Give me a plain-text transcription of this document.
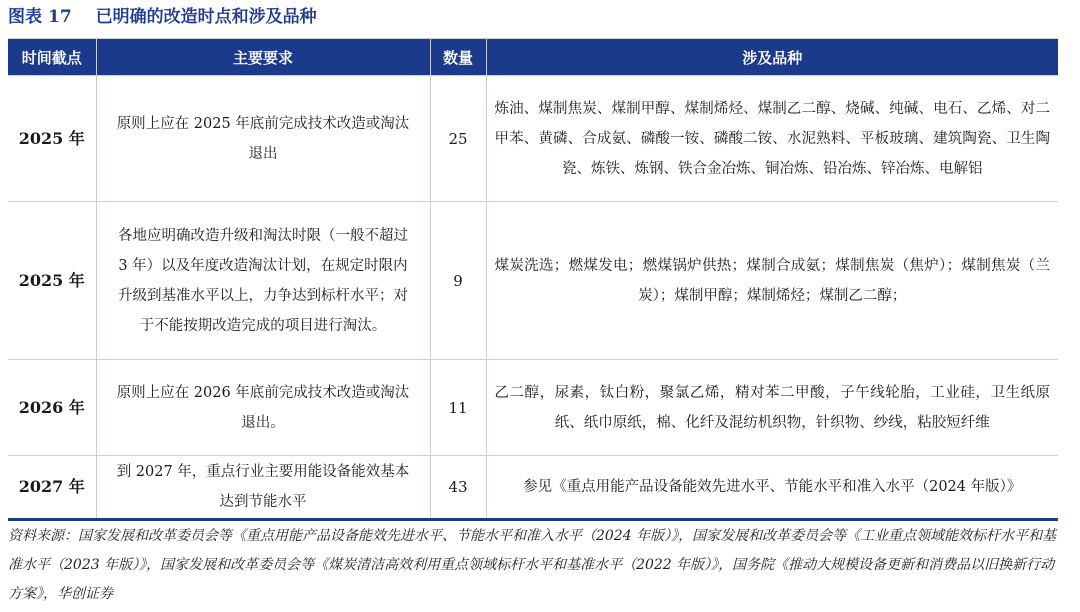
图表 17 已明确的改造时点和涉及品种
时间截点	主要要求	数量	涉及品种
2025 年	原则上应在 2025 年底前完成技术改造或淘汰退出	25	炼油、煤制焦炭、煤制甲醇、煤制烯烃、煤制乙二醇、烧碱、纯碱、电石、乙烯、对二甲苯、黄磷、合成氨、磷酸一铵、磷酸二铵、水泥熟料、平板玻璃、建筑陶瓷、卫生陶瓷、炼铁、炼钢、铁合金冶炼、铜冶炼、铅冶炼、锌冶炼、电解铝
2025 年	各地应明确改造升级和淘汰时限（一般不超过 3 年）以及年度改造淘汰计划，在规定时限内升级到基准水平以上，力争达到标杆水平；对于不能按期改造完成的项目进行淘汰。	9	煤炭洗选；燃煤发电；燃煤锅炉供热；煤制合成氨；煤制焦炭（焦炉）；煤制焦炭（兰炭）；煤制甲醇；煤制烯烃；煤制乙二醇；
2026 年	原则上应在 2026 年底前完成技术改造或淘汰退出。	11	乙二醇，尿素，钛白粉，聚氯乙烯，精对苯二甲酸，子午线轮胎，工业硅，卫生纸原纸、纸巾原纸，棉、化纤及混纺机织物，针织物、纱线，粘胶短纤维
2027 年	到 2027 年，重点行业主要用能设备能效基本达到节能水平	43	参见《重点用能产品设备能效先进水平、节能水平和准入水平（2024 年版）》
资料来源：国家发展和改革委员会等《重点用能产品设备能效先进水平、节能水平和准入水平（2024 年版）》，国家发展和改革委员会等《工业重点领域能效标杆水平和基准水平（2023 年版）》，国家发展和改革委员会等《煤炭清洁高效利用重点领域标杆水平和基准水平（2022 年版）》，国务院《推动大规模设备更新和消费品以旧换新行动方案》，华创证券
